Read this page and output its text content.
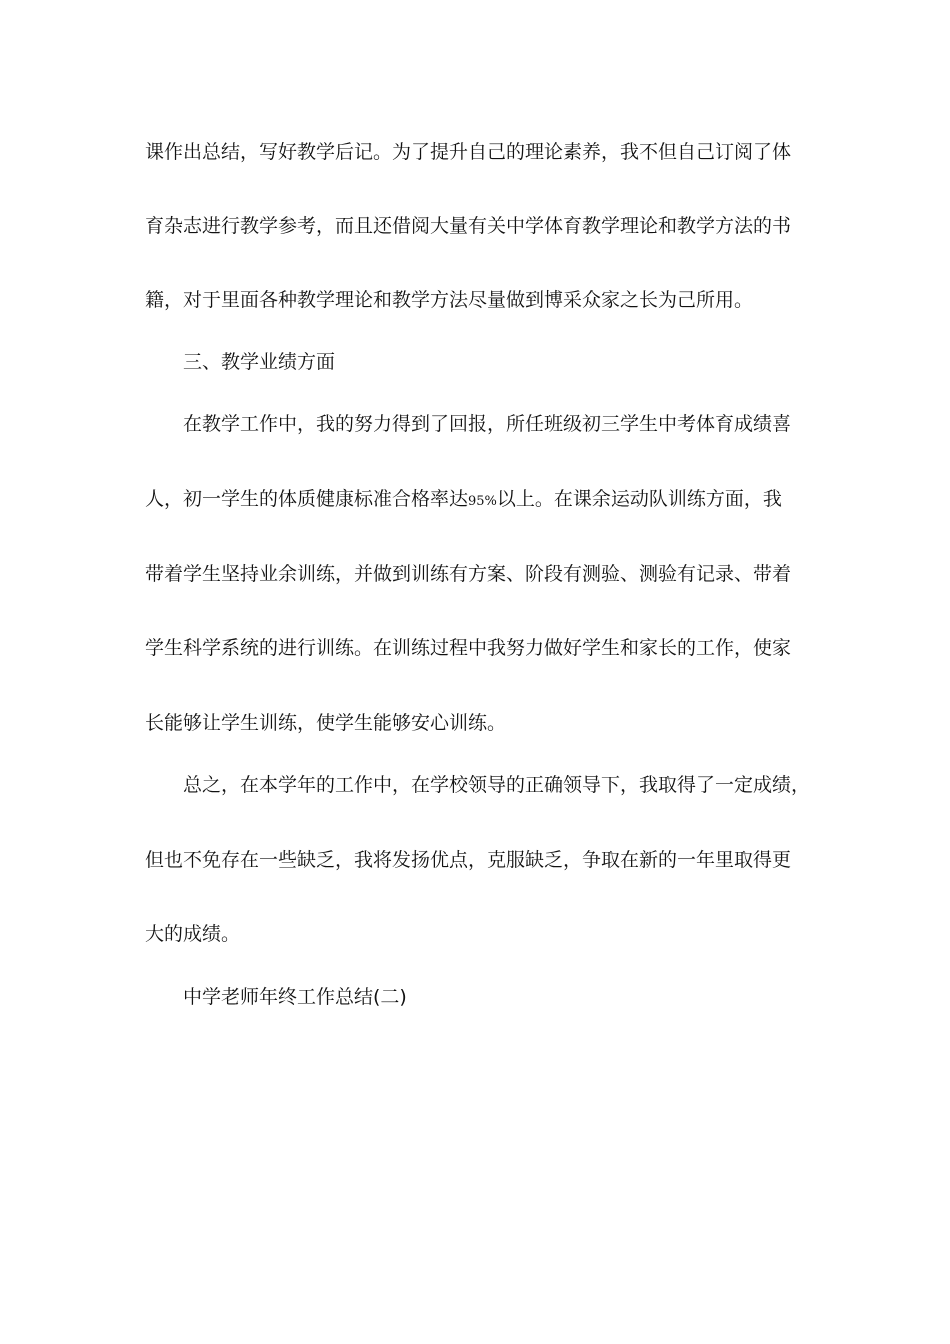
课作出总结，写好教学后记。为了提升自己的理论素养，我不但自己订阅了体
育杂志进行教学参考，而且还借阅大量有关中学体育教学理论和教学方法的书
籍，对于里面各种教学理论和教学方法尽量做到博采众家之长为己所用。
三、教学业绩方面
在教学工作中，我的努力得到了回报，所任班级初三学生中考体育成绩喜
人，初一学生的体质健康标准合格率达95%以上。在课余运动队训练方面，我
带着学生坚持业余训练，并做到训练有方案、阶段有测验、测验有记录、带着
学生科学系统的进行训练。在训练过程中我努力做好学生和家长的工作，使家
长能够让学生训练，使学生能够安心训练。
总之，在本学年的工作中，在学校领导的正确领导下，我取得了一定成绩，
但也不免存在一些缺乏，我将发扬优点，克服缺乏，争取在新的一年里取得更
大的成绩。
中学老师年终工作总结(二)
